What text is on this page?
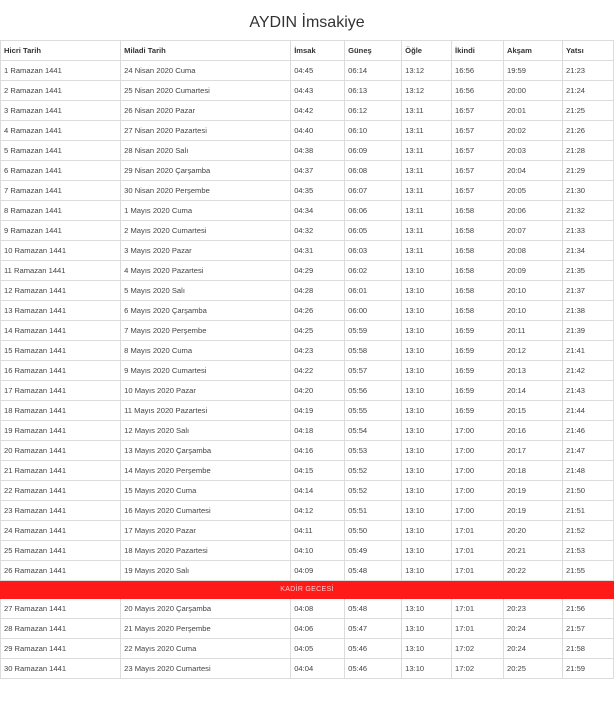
AYDIN İmsakiye
Hicri Tarih	Miladi Tarih	İmsak	Güneş	Öğle	İkindi	Akşam	Yatsı
1 Ramazan 1441	24 Nisan 2020 Cuma	04:45	06:14	13:12	16:56	19:59	21:23
2 Ramazan 1441	25 Nisan 2020 Cumartesi	04:43	06:13	13:12	16:56	20:00	21:24
3 Ramazan 1441	26 Nisan 2020 Pazar	04:42	06:12	13:11	16:57	20:01	21:25
4 Ramazan 1441	27 Nisan 2020 Pazartesi	04:40	06:10	13:11	16:57	20:02	21:26
5 Ramazan 1441	28 Nisan 2020 Salı	04:38	06:09	13:11	16:57	20:03	21:28
6 Ramazan 1441	29 Nisan 2020 Çarşamba	04:37	06:08	13:11	16:57	20:04	21:29
7 Ramazan 1441	30 Nisan 2020 Perşembe	04:35	06:07	13:11	16:57	20:05	21:30
8 Ramazan 1441	1 Mayıs 2020 Cuma	04:34	06:06	13:11	16:58	20:06	21:32
9 Ramazan 1441	2 Mayıs 2020 Cumartesi	04:32	06:05	13:11	16:58	20:07	21:33
10 Ramazan 1441	3 Mayıs 2020 Pazar	04:31	06:03	13:11	16:58	20:08	21:34
11 Ramazan 1441	4 Mayıs 2020 Pazartesi	04:29	06:02	13:10	16:58	20:09	21:35
12 Ramazan 1441	5 Mayıs 2020 Salı	04:28	06:01	13:10	16:58	20:10	21:37
13 Ramazan 1441	6 Mayıs 2020 Çarşamba	04:26	06:00	13:10	16:58	20:10	21:38
14 Ramazan 1441	7 Mayıs 2020 Perşembe	04:25	05:59	13:10	16:59	20:11	21:39
15 Ramazan 1441	8 Mayıs 2020 Cuma	04:23	05:58	13:10	16:59	20:12	21:41
16 Ramazan 1441	9 Mayıs 2020 Cumartesi	04:22	05:57	13:10	16:59	20:13	21:42
17 Ramazan 1441	10 Mayıs 2020 Pazar	04:20	05:56	13:10	16:59	20:14	21:43
18 Ramazan 1441	11 Mayıs 2020 Pazartesi	04:19	05:55	13:10	16:59	20:15	21:44
19 Ramazan 1441	12 Mayıs 2020 Salı	04:18	05:54	13:10	17:00	20:16	21:46
20 Ramazan 1441	13 Mayıs 2020 Çarşamba	04:16	05:53	13:10	17:00	20:17	21:47
21 Ramazan 1441	14 Mayıs 2020 Perşembe	04:15	05:52	13:10	17:00	20:18	21:48
22 Ramazan 1441	15 Mayıs 2020 Cuma	04:14	05:52	13:10	17:00	20:19	21:50
23 Ramazan 1441	16 Mayıs 2020 Cumartesi	04:12	05:51	13:10	17:00	20:19	21:51
24 Ramazan 1441	17 Mayıs 2020 Pazar	04:11	05:50	13:10	17:01	20:20	21:52
25 Ramazan 1441	18 Mayıs 2020 Pazartesi	04:10	05:49	13:10	17:01	20:21	21:53
26 Ramazan 1441	19 Mayıs 2020 Salı	04:09	05:48	13:10	17:01	20:22	21:55
KADİR GECESİ							
27 Ramazan 1441	20 Mayıs 2020 Çarşamba	04:08	05:48	13:10	17:01	20:23	21:56
28 Ramazan 1441	21 Mayıs 2020 Perşembe	04:06	05:47	13:10	17:01	20:24	21:57
29 Ramazan 1441	22 Mayıs 2020 Cuma	04:05	05:46	13:10	17:02	20:24	21:58
30 Ramazan 1441	23 Mayıs 2020 Cumartesi	04:04	05:46	13:10	17:02	20:25	21:59
